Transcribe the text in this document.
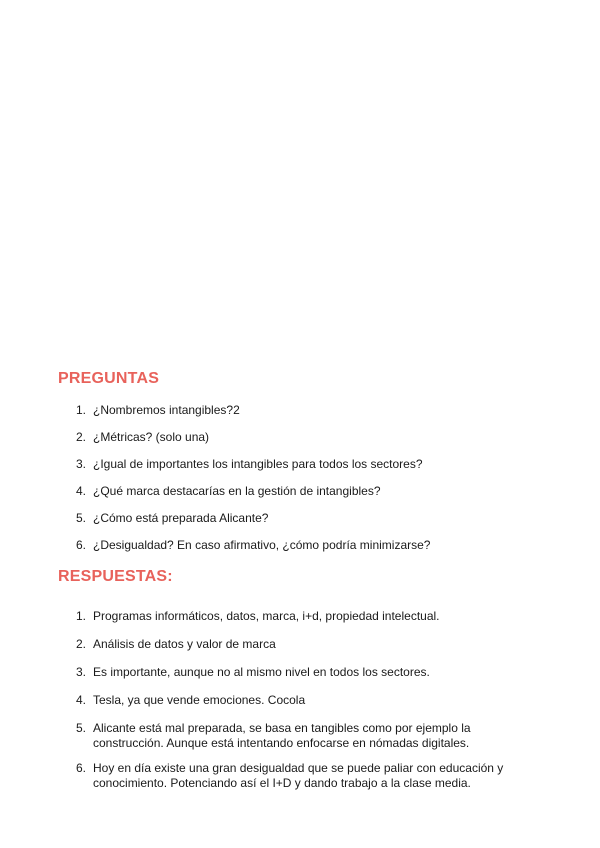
PREGUNTAS
1. ¿Nombremos intangibles?2
2. ¿Métricas? (solo una)
3. ¿Igual de importantes los intangibles para todos los sectores?
4. ¿Qué marca destacarías en la gestión de intangibles?
5. ¿Cómo está preparada Alicante?
6. ¿Desigualdad? En caso afirmativo, ¿cómo podría minimizarse?
RESPUESTAS:
1. Programas informáticos, datos, marca, i+d, propiedad intelectual.
2. Análisis de datos y valor de marca
3. Es importante, aunque no al mismo nivel en todos los sectores.
4. Tesla, ya que vende emociones. Cocola
5. Alicante está mal preparada, se basa en tangibles como por ejemplo la construcción. Aunque está intentando enfocarse en nómadas digitales.
6. Hoy en día existe una gran desigualdad que se puede paliar con educación y conocimiento. Potenciando así el I+D y dando trabajo a la clase media.
